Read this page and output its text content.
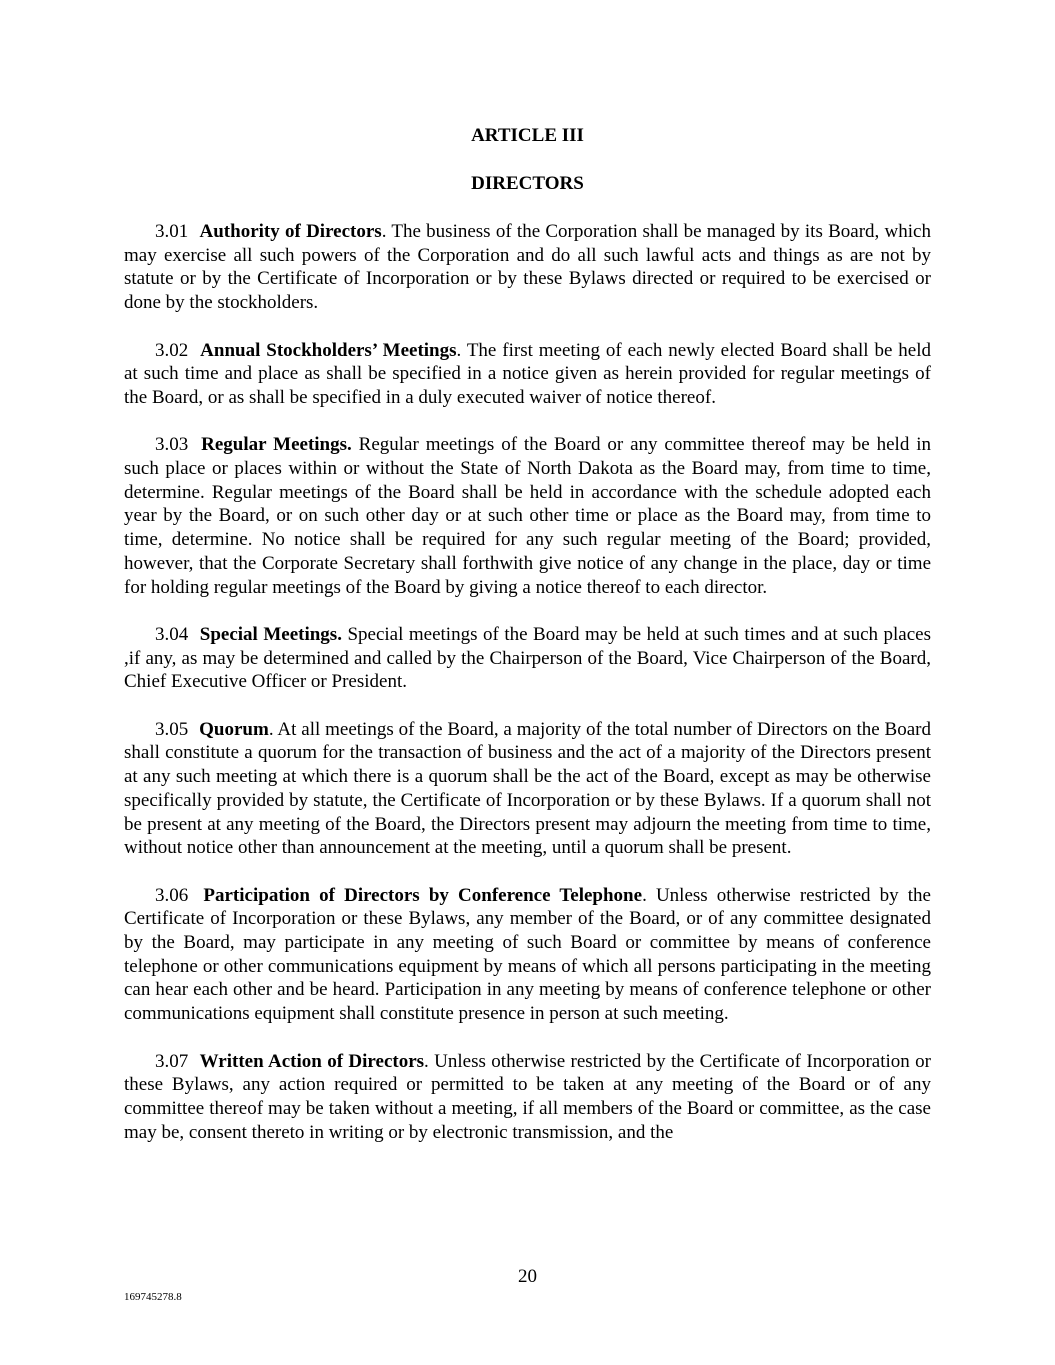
ARTICLE III

DIRECTORS

3.01 Authority of Directors. The business of the Corporation shall be managed by its Board, which may exercise all such powers of the Corporation and do all such lawful acts and things as are not by statute or by the Certificate of Incorporation or by these Bylaws directed or required to be exercised or done by the stockholders.

3.02 Annual Stockholders’ Meetings. The first meeting of each newly elected Board shall be held at such time and place as shall be specified in a notice given as herein provided for regular meetings of the Board, or as shall be specified in a duly executed waiver of notice thereof.

3.03 Regular Meetings. Regular meetings of the Board or any committee thereof may be held in such place or places within or without the State of North Dakota as the Board may, from time to time, determine. Regular meetings of the Board shall be held in accordance with the schedule adopted each year by the Board, or on such other day or at such other time or place as the Board may, from time to time, determine. No notice shall be required for any such regular meeting of the Board; provided, however, that the Corporate Secretary shall forthwith give notice of any change in the place, day or time for holding regular meetings of the Board by giving a notice thereof to each director.

3.04 Special Meetings. Special meetings of the Board may be held at such times and at such places ,if any, as may be determined and called by the Chairperson of the Board, Vice Chairperson of the Board, Chief Executive Officer or President.

3.05 Quorum. At all meetings of the Board, a majority of the total number of Directors on the Board shall constitute a quorum for the transaction of business and the act of a majority of the Directors present at any such meeting at which there is a quorum shall be the act of the Board, except as may be otherwise specifically provided by statute, the Certificate of Incorporation or by these Bylaws. If a quorum shall not be present at any meeting of the Board, the Directors present may adjourn the meeting from time to time, without notice other than announcement at the meeting, until a quorum shall be present.

3.06 Participation of Directors by Conference Telephone. Unless otherwise restricted by the Certificate of Incorporation or these Bylaws, any member of the Board, or of any committee designated by the Board, may participate in any meeting of such Board or committee by means of conference telephone or other communications equipment by means of which all persons participating in the meeting can hear each other and be heard. Participation in any meeting by means of conference telephone or other communications equipment shall constitute presence in person at such meeting.

3.07 Written Action of Directors. Unless otherwise restricted by the Certificate of Incorporation or these Bylaws, any action required or permitted to be taken at any meeting of the Board or of any committee thereof may be taken without a meeting, if all members of the Board or committee, as the case may be, consent thereto in writing or by electronic transmission, and the

20
169745278.8
